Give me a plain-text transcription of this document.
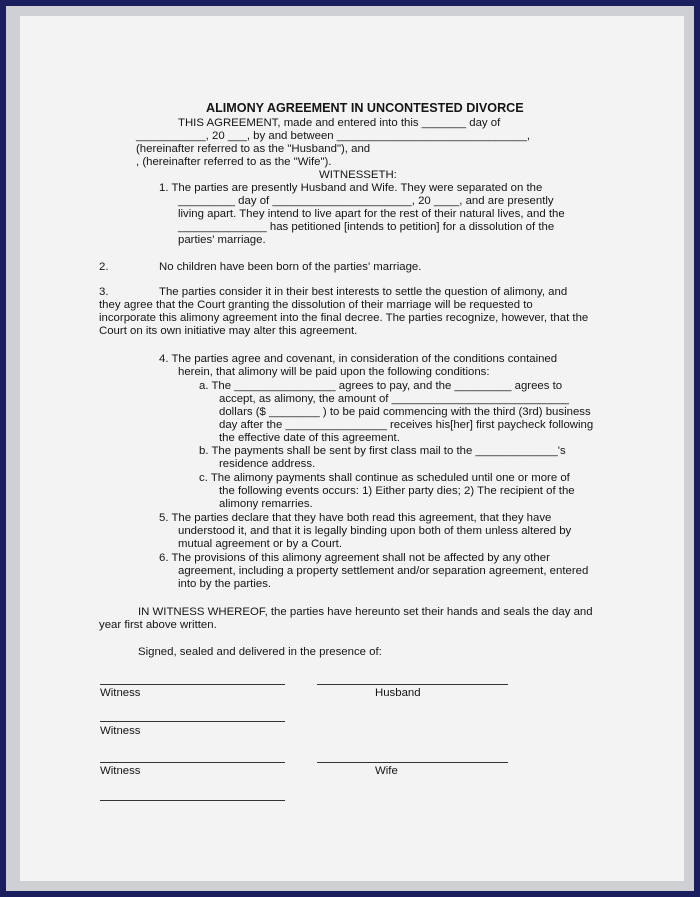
ALIMONY AGREEMENT IN UNCONTESTED DIVORCE
THIS AGREEMENT, made and entered into this _______ day of
___________, 20 ___, by and between ______________________________,
(hereinafter referred to as the "Husband"), and
, (hereinafter referred to as the "Wife").
WITNESSETH:
1. The parties are presently Husband and Wife. They were separated on the
_________ day of ______________________, 20 ____, and are presently
living apart. They intend to live apart for the rest of their natural lives, and the
______________ has petitioned [intends to petition] for a dissolution of the
parties' marriage.
2.	No children have been born of the parties' marriage.
3.	The parties consider it in their best interests to settle the question of alimony, and
they agree that the Court granting the dissolution of their marriage will be requested to
incorporate this alimony agreement into the final decree. The parties recognize, however, that the
Court on its own initiative may alter this agreement.
4. The parties agree and covenant, in consideration of the conditions contained
herein, that alimony will be paid upon the following conditions:
a. The ________________ agrees to pay, and the _________ agrees to
accept, as alimony, the amount of ____________________________
dollars ($ ________ ) to be paid commencing with the third (3rd) business
day after the ________________ receives his[her] first paycheck following
the effective date of this agreement.
b. The payments shall be sent by first class mail to the _____________'s
residence address.
c. The alimony payments shall continue as scheduled until one or more of
the following events occurs: 1) Either party dies; 2) The recipient of the
alimony remarries.
5. The parties declare that they have both read this agreement, that they have
understood it, and that it is legally binding upon both of them unless altered by
mutual agreement or by a Court.
6. The provisions of this alimony agreement shall not be affected by any other
agreement, including a property settlement and/or separation agreement, entered
into by the parties.
IN WITNESS WHEREOF, the parties have hereunto set their hands and seals the day and
year first above written.
Signed, sealed and delivered in the presence of:
Witness	Husband
Witness
Witness	Wife
